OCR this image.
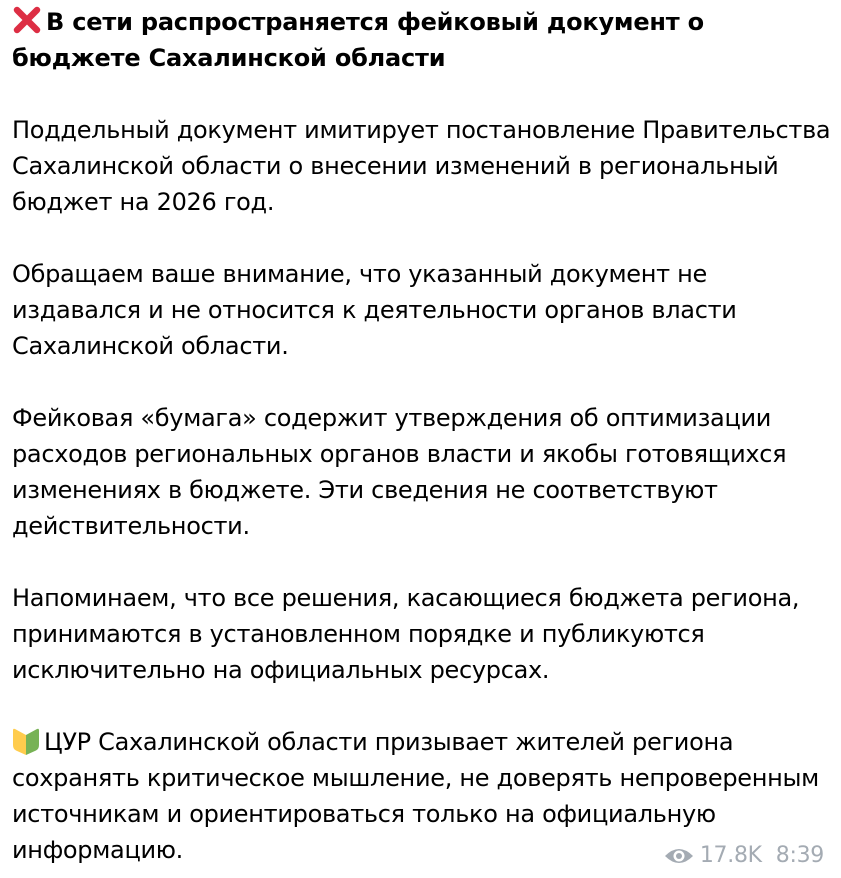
В сети распространяется фейковый документ о бюджете Сахалинской области

Поддельный документ имитирует постановление Правительства Сахалинской области о внесении изменений в региональный бюджет на 2026 год.

Обращаем ваше внимание, что указанный документ не издавался и не относится к деятельности органов власти Сахалинской области.

Фейковая «бумага» содержит утверждения об оптимизации расходов региональных органов власти и якобы готовящихся изменениях в бюджете. Эти сведения не соответствуют действительности.

Напоминаем, что все решения, касающиеся бюджета региона, принимаются в установленном порядке и публикуются исключительно на официальных ресурсах.

ЦУР Сахалинской области призывает жителей региона сохранять критическое мышление, не доверять непроверенным источникам и ориентироваться только на официальную информацию.	17.8K 8:39
